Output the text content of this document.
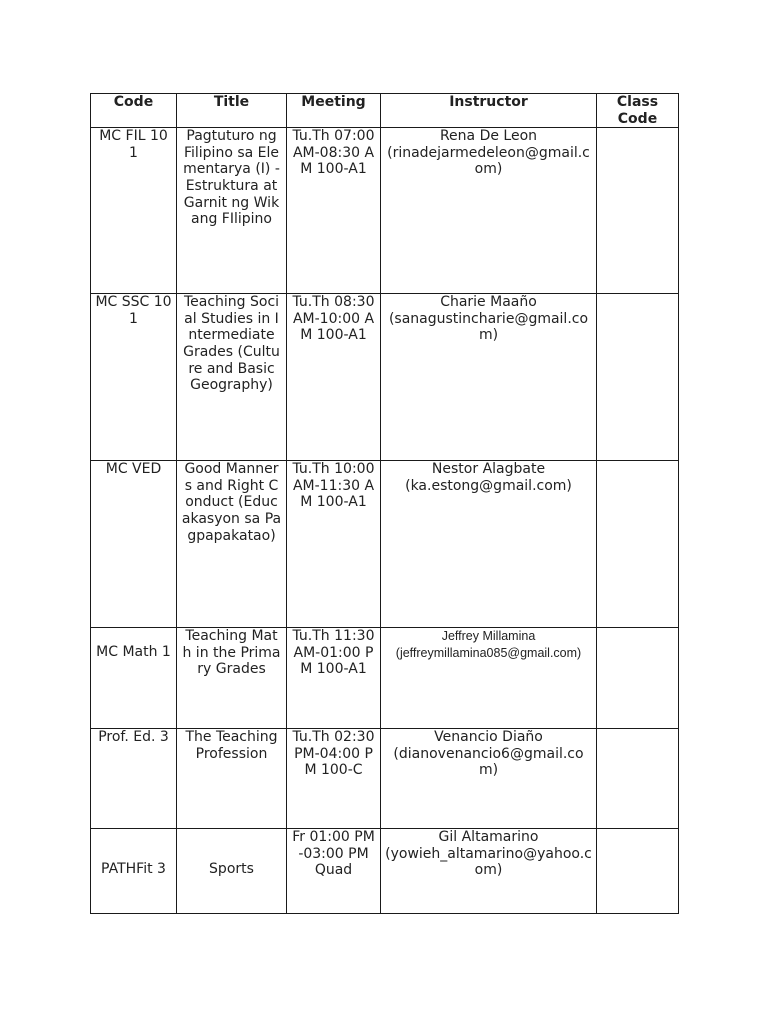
Code	Title	Meeting	Instructor	Class Code
MC FIL 101	Pagtuturo ng Filipino sa Elementarya (I) - Estruktura at Garnit ng Wikang FIlipino	Tu.Th 07:00 AM-08:30 AM 100-A1	Rena De Leon
(rinadejarmedeleon@gmail.com)	

MC SSC 101	Teaching Social Studies in Intermediate Grades (Culture and Basic Geography)	Tu.Th 08:30 AM-10:00 AM 100-A1	Charie Maaño
(sanagustincharie@gmail.com)	

MC VED	Good Manners and Right Conduct (Educakasyon sa Pagpapakatao)	Tu.Th 10:00 AM-11:30 AM 100-A1	Nestor Alagbate
(ka.estong@gmail.com)	

MC Math 1	Teaching Math in the Primary Grades	Tu.Th 11:30 AM-01:00 PM 100-A1	Jeffrey Millamina
(jeffreymillamina085@gmail.com)	

Prof. Ed. 3	The Teaching Profession	Tu.Th 02:30 PM-04:00 PM 100-C	Venancio Diaño
(dianovenancio6@gmail.com)	

PATHFit 3	Sports	Fr 01:00 PM-03:00 PM Quad	Gil Altamarino
(yowieh_altamarino@yahoo.com)	
